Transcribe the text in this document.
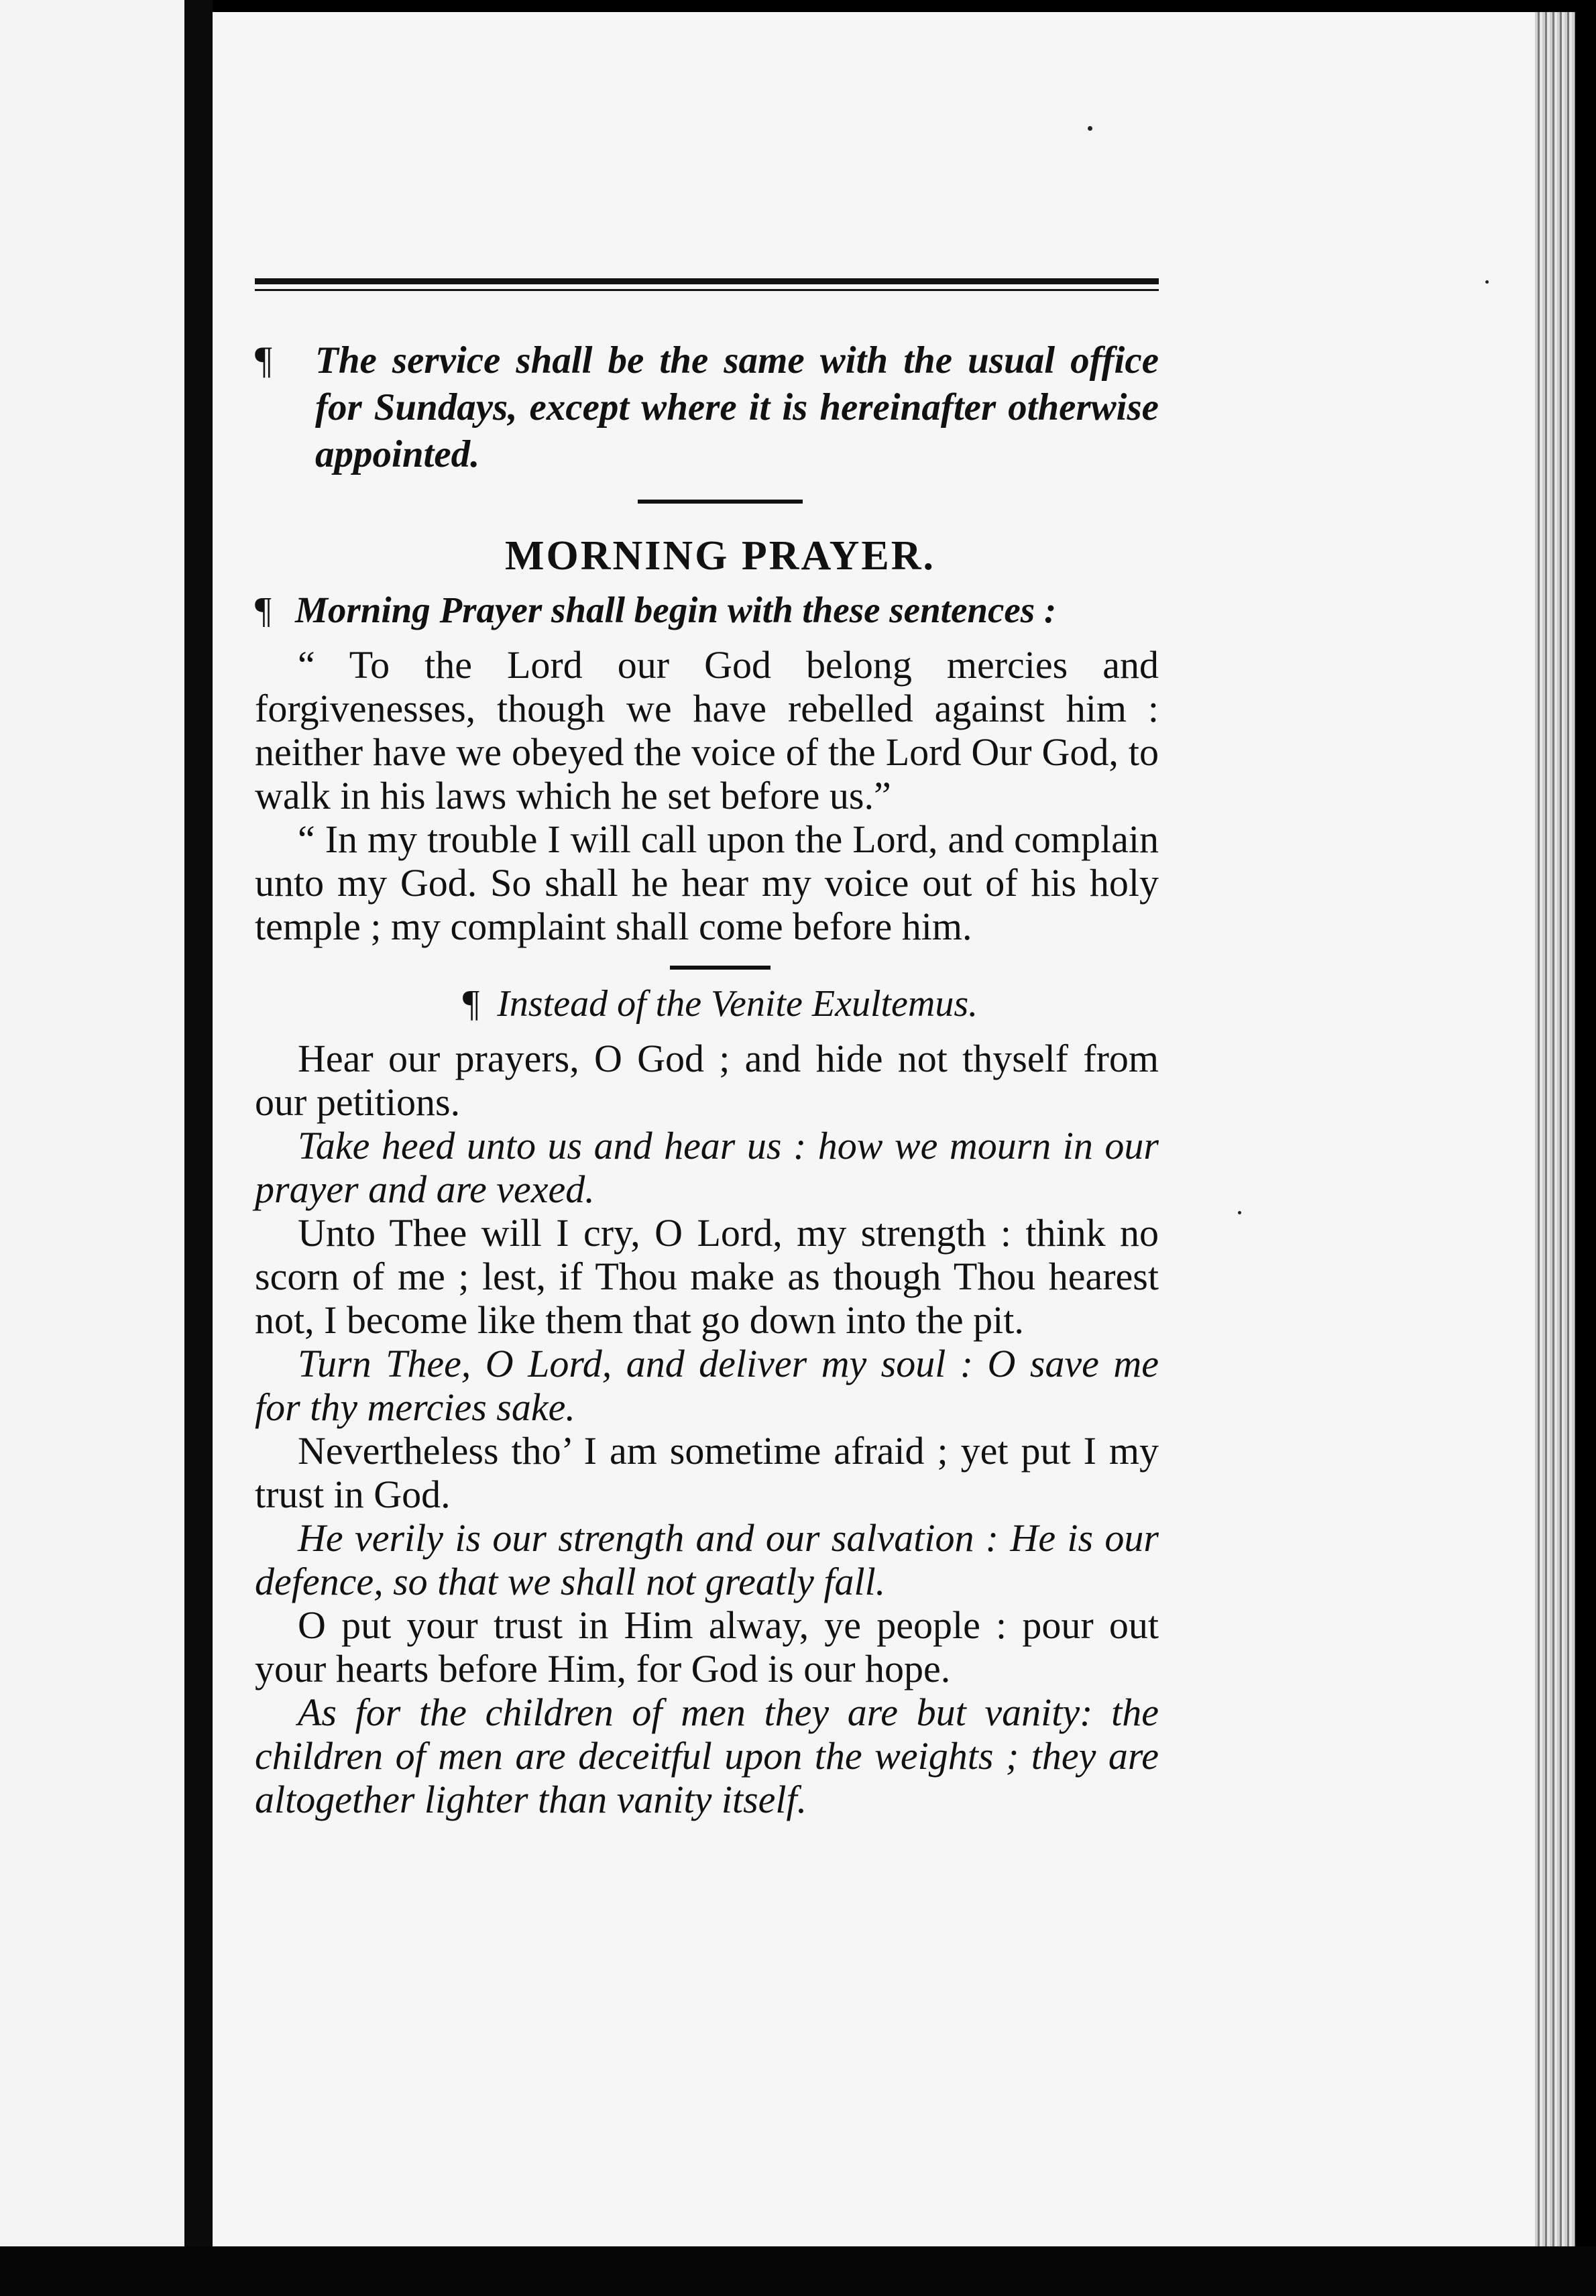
¶ The service shall be the same with the usual office for Sundays, except where it is hereinafter otherwise appointed.
MORNING PRAYER.
¶ Morning Prayer shall begin with these sentences :

“ To the Lord our God belong mercies and forgivenesses, though we have rebelled against him : neither have we obeyed the voice of the Lord Our God, to walk in his laws which he set before us.”

“ In my trouble I will call upon the Lord, and complain unto my God. So shall he hear my voice out of his holy temple ; my complaint shall come before him.

¶ Instead of the Venite Exultemus.

Hear our prayers, O God ; and hide not thyself from our petitions.

Take heed unto us and hear us : how we mourn in our prayer and are vexed.

Unto Thee will I cry, O Lord, my strength : think no scorn of me ; lest, if Thou make as though Thou hearest not, I become like them that go down into the pit.

Turn Thee, O Lord, and deliver my soul : O save me for thy mercies sake.

Nevertheless tho’ I am sometime afraid ; yet put I my trust in God.

He verily is our strength and our salvation : He is our defence, so that we shall not greatly fall.

O put your trust in Him alway, ye people : pour out your hearts before Him, for God is our hope.

As for the children of men they are but vanity: the children of men are deceitful upon the weights ; they are altogether lighter than vanity itself.
